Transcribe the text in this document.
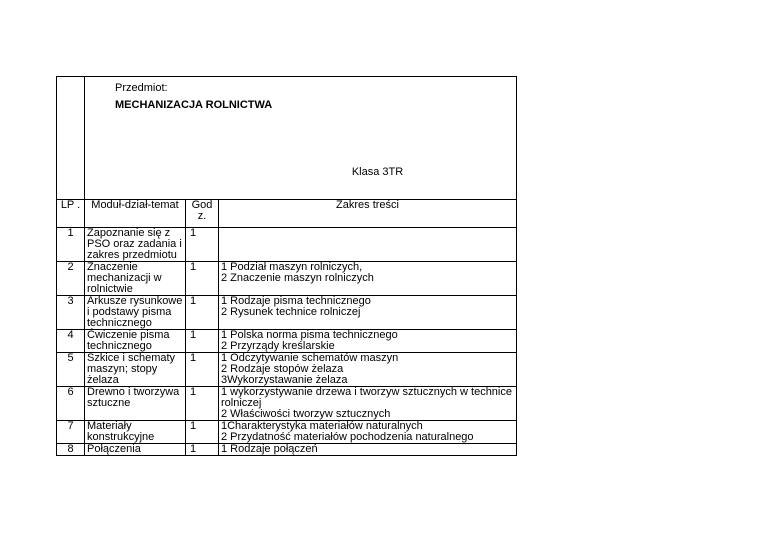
	Przedmiot:
MECHANIZACJA ROLNICTWA
Klasa 3TR		

LP .	Moduł-dział-temat	God z.	Zakres treści
1	Zapoznanie się z PSO oraz zadania i zakres przedmiotu	1	
2	Znaczenie mechanizacji w rolnictwie	1	1 Podział maszyn rolniczych,
2 Znaczenie maszyn rolniczych
3	Arkusze rysunkowe i podstawy pisma technicznego	1	1 Rodzaje pisma technicznego
2 Rysunek technice rolniczej
4	Ćwiczenie pisma technicznego	1	1 Polska norma pisma technicznego
2 Przyrządy kreślarskie
5	Szkice i schematy maszyn; stopy żelaza	1	1 Odczytywanie schematów maszyn
2 Rodzaje stopów żelaza
3Wykorzystawanie żelaza
6	Drewno i tworzywa sztuczne	1	1 wykorzystywanie drzewa i tworzyw sztucznych w technice rolniczej
2 Właściwości tworzyw sztucznych
7	Materiały konstrukcyjne	1	1Charakterystyka materiałów naturalnych
2 Przydatność materiałów pochodzenia naturalnego
8	Połączenia	1	1 Rodzaje połączeń
